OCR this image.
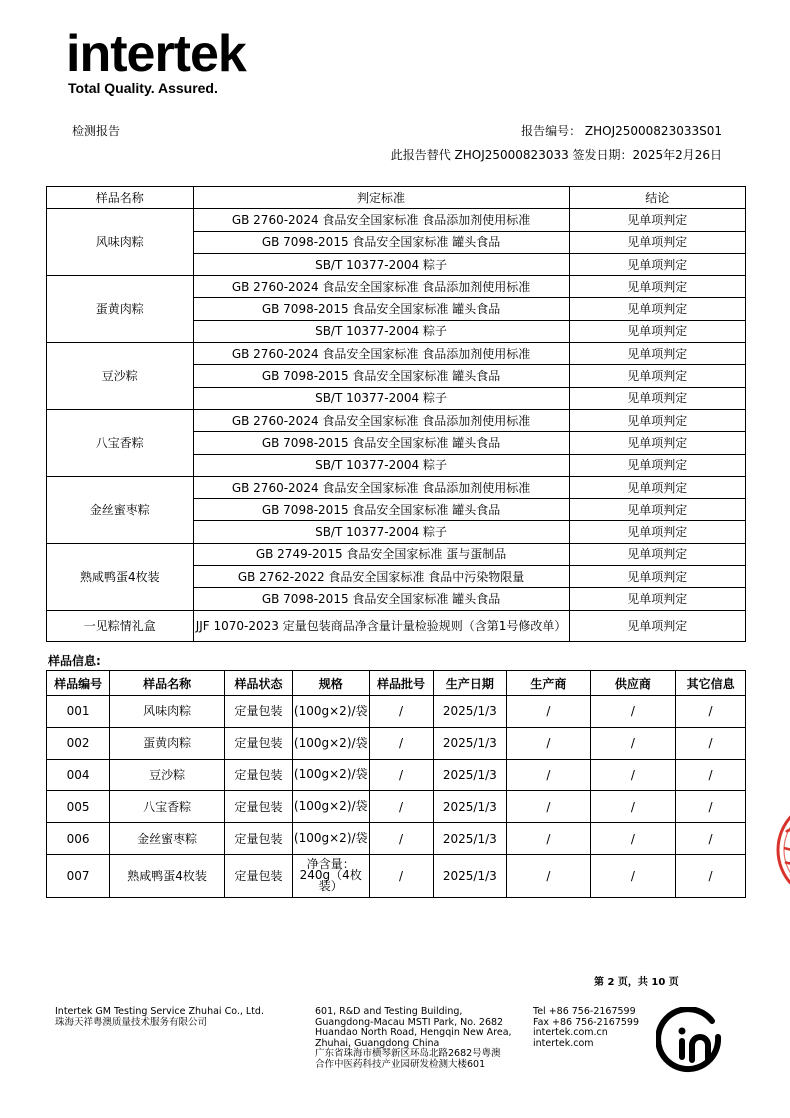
intertek
Total Quality. Assured.
检测报告	报告编号： ZHOJ25000823033S01
此报告替代 ZHOJ25000823033 签发日期：2025年2月26日
样品名称	判定标准	结论
风味肉粽	GB 2760-2024 食品安全国家标准 食品添加剂使用标准	见单项判定
	GB 7098-2015 食品安全国家标准 罐头食品	见单项判定
	SB/T 10377-2004 粽子	见单项判定
蛋黄肉粽	GB 2760-2024 食品安全国家标准 食品添加剂使用标准	见单项判定
	GB 7098-2015 食品安全国家标准 罐头食品	见单项判定
	SB/T 10377-2004 粽子	见单项判定
豆沙粽	GB 2760-2024 食品安全国家标准 食品添加剂使用标准	见单项判定
	GB 7098-2015 食品安全国家标准 罐头食品	见单项判定
	SB/T 10377-2004 粽子	见单项判定
八宝香粽	GB 2760-2024 食品安全国家标准 食品添加剂使用标准	见单项判定
	GB 7098-2015 食品安全国家标准 罐头食品	见单项判定
	SB/T 10377-2004 粽子	见单项判定
金丝蜜枣粽	GB 2760-2024 食品安全国家标准 食品添加剂使用标准	见单项判定
	GB 7098-2015 食品安全国家标准 罐头食品	见单项判定
	SB/T 10377-2004 粽子	见单项判定
熟咸鸭蛋4枚装	GB 2749-2015 食品安全国家标准 蛋与蛋制品	见单项判定
	GB 2762-2022 食品安全国家标准 食品中污染物限量	见单项判定
	GB 7098-2015 食品安全国家标准 罐头食品	见单项判定
一见粽情礼盒	JJF 1070-2023 定量包装商品净含量计量检验规则（含第1号修改单）	见单项判定
样品信息:
样品编号	样品名称	样品状态	规格	样品批号	生产日期	生产商	供应商	其它信息
001	风味肉粽	定量包装	(100g×2)/袋	/	2025/1/3	/	/	/
002	蛋黄肉粽	定量包装	(100g×2)/袋	/	2025/1/3	/	/	/
004	豆沙粽	定量包装	(100g×2)/袋	/	2025/1/3	/	/	/
005	八宝香粽	定量包装	(100g×2)/袋	/	2025/1/3	/	/	/
006	金丝蜜枣粽	定量包装	(100g×2)/袋	/	2025/1/3	/	/	/
007	熟咸鸭蛋4枚装	定量包装	净含量：240g（4枚装）	/	2025/1/3	/	/	/
第 2 页，共 10 页
Intertek GM Testing Service Zhuhai Co., Ltd.
珠海天祥粤澳质量技术服务有限公司
601, R&D and Testing Building,
Guangdong-Macau MSTI Park, No. 2682
Huandao North Road, Hengqin New Area,
Zhuhai, Guangdong China
广东省珠海市横琴新区环岛北路2682号粤澳
合作中医药科技产业园研发检测大楼601
Tel +86 756-2167599
Fax +86 756-2167599
intertek.com.cn
intertek.com
